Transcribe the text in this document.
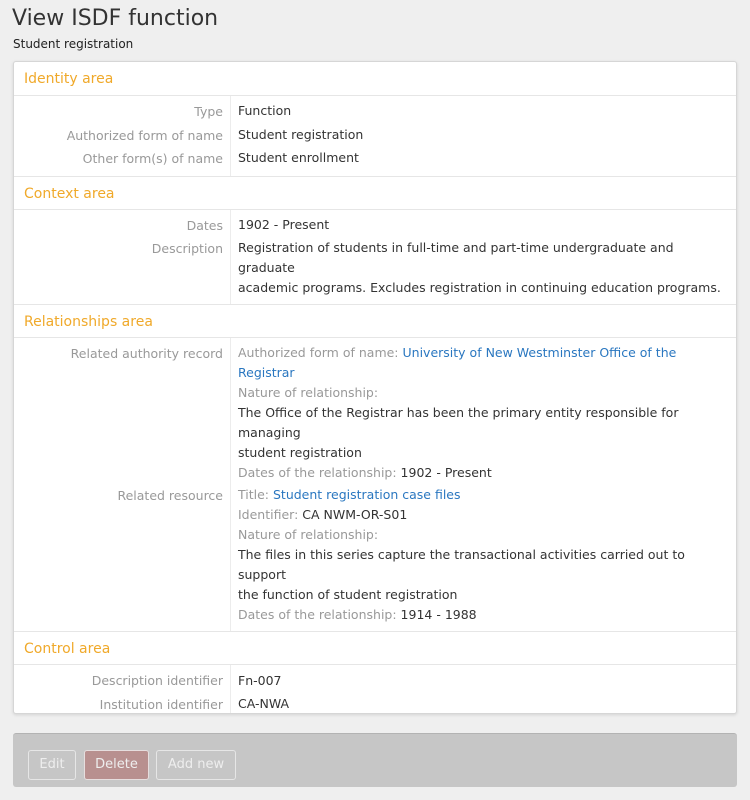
View ISDF function
Student registration
Identity area
Type	Function
Authorized form of name	Student registration
Other form(s) of name	Student enrollment
Context area
Dates	1902 - Present
Description	Registration of students in full-time and part-time undergraduate and graduate
academic programs. Excludes registration in continuing education programs.
Relationships area
Related authority record	Authorized form of name: University of New Westminster Office of the Registrar
Nature of relationship:
The Office of the Registrar has been the primary entity responsible for managing
student registration
Dates of the relationship: 1902 - Present
Related resource	Title: Student registration case files
Identifier: CA NWM-OR-S01
Nature of relationship:
The files in this series capture the transactional activities carried out to support
the function of student registration
Dates of the relationship: 1914 - 1988
Control area
Description identifier	Fn-007
Institution identifier	CA-NWA
Edit	Delete	Add new
